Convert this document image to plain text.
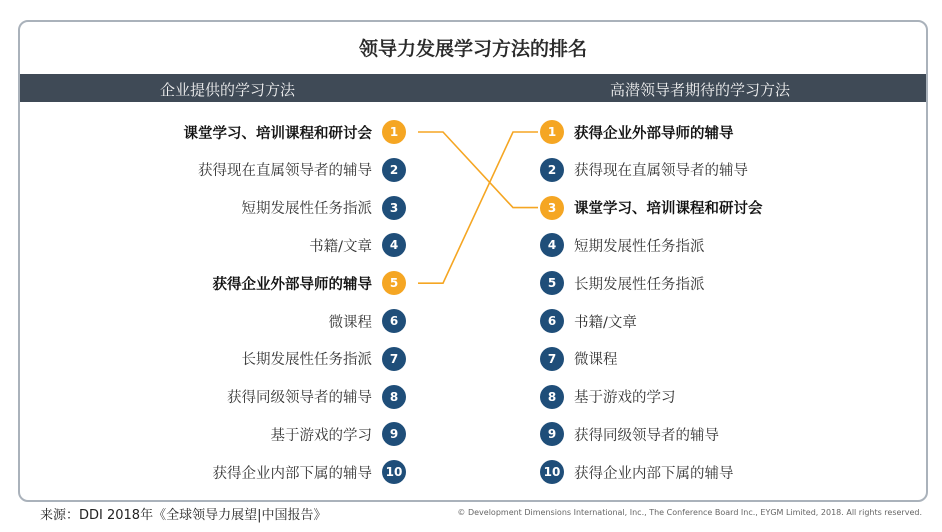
领导力发展学习方法的排名
企业提供的学习方法	高潜领导者期待的学习方法
课堂学习、培训课程和研讨会	1
获得现在直属领导者的辅导	2
短期发展性任务指派	3
书籍/文章	4
获得企业外部导师的辅导	5
微课程	6
长期发展性任务指派	7
获得同级领导者的辅导	8
基于游戏的学习	9
获得企业内部下属的辅导	10
1	获得企业外部导师的辅导
2	获得现在直属领导者的辅导
3	课堂学习、培训课程和研讨会
4	短期发展性任务指派
5	长期发展性任务指派
6	书籍/文章
7	微课程
8	基于游戏的学习
9	获得同级领导者的辅导
10 获得企业内部下属的辅导
来源：DDI 2018年《全球领导力展望|中国报告》	© Development Dimensions International, Inc., The Conference Board Inc., EYGM Limited, 2018. All rights reserved.
